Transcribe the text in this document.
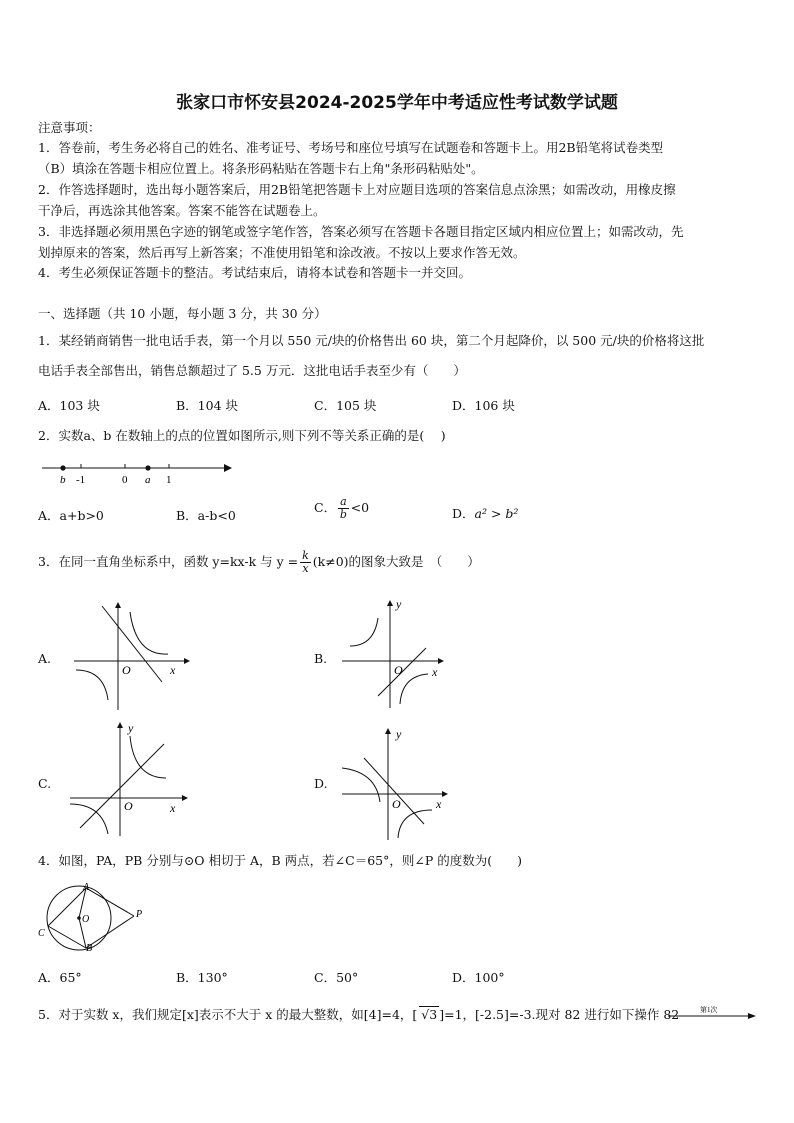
张家口市怀安县2024-2025学年中考适应性考试数学试题
注意事项：
1．答卷前，考生务必将自己的姓名、准考证号、考场号和座位号填写在试题卷和答题卡上。用2B铅笔将试卷类型
（B）填涂在答题卡相应位置上。将条形码粘贴在答题卡右上角"条形码粘贴处"。
2．作答选择题时，选出每小题答案后，用2B铅笔把答题卡上对应题目选项的答案信息点涂黑；如需改动，用橡皮擦
干净后，再选涂其他答案。答案不能答在试题卷上。
3．非选择题必须用黑色字迹的钢笔或签字笔作答，答案必须写在答题卡各题目指定区域内相应位置上；如需改动，先
划掉原来的答案，然后再写上新答案；不准使用铅笔和涂改液。不按以上要求作答无效。
4．考生必须保证答题卡的整洁。考试结束后，请将本试卷和答题卡一并交回。
一、选择题（共 10 小题，每小题 3 分，共 30 分）
1．某经销商销售一批电话手表，第一个月以 550 元/块的价格售出 60 块，第二个月起降价，以 500 元/块的价格将这批
电话手表全部售出，销售总额超过了 5.5 万元．这批电话手表至少有（　　）
A．103 块	B．104 块	C．105 块	D．106 块
2．实数a、b 在数轴上的点的位置如图所示,则下列不等关系正确的是(　 )
b -1	0 a 1
A．a+b>0	B．a-b<0
C． $\frac{a}{b} <0$	D．a² > b²
3．在同一直角坐标系中，函数 y=kx-k 与 $y = \frac{k}{x} (k\ne 0)$的图象大致是　（　　）
A.
O	x
B.
y
O x
C.
y
O	x
D.
y
O	x
4．如图，PA，PB 分别与⊙O 相切于 A，B 两点，若∠C＝65°，则∠P 的度数为(　　)
A
O	P
C
B
A．65°	B．130°	C．50°	D．100°
5．对于实数 x，我们规定[x]表示不大于 x 的最大整数，如[4]=4，[ √3 ]=1，[-2.5]=-3.现对 82 进行如下操作 82	第1次
